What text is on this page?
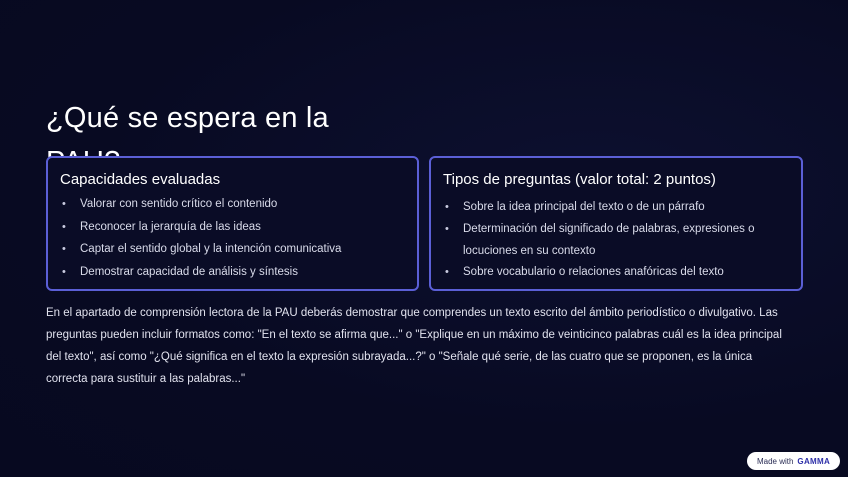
¿Qué se espera en la
Capacidades evaluadas
• Valorar con sentido crítico el contenido
• Reconocer la jerarquía de las ideas
• Captar el sentido global y la intención comunicativa
• Demostrar capacidad de análisis y síntesis
Tipos de preguntas (valor total: 2 puntos)
• Sobre la idea principal del texto o de un párrafo
• Determinación del significado de palabras, expresiones o locuciones en su contexto
• Sobre vocabulario o relaciones anafóricas del texto

En el apartado de comprensión lectora de la PAU deberás demostrar que comprendes un texto escrito del ámbito periodístico o divulgativo. Las preguntas pueden incluir formatos como: "En el texto se afirma que..." o "Explique en un máximo de veinticinco palabras cuál es la idea principal del texto", así como "¿Qué significa en el texto la expresión subrayada...?" o "Señale qué serie, de las cuatro que se proponen, es la única correcta para sustituir a las palabras..."

Made with GAMMA
